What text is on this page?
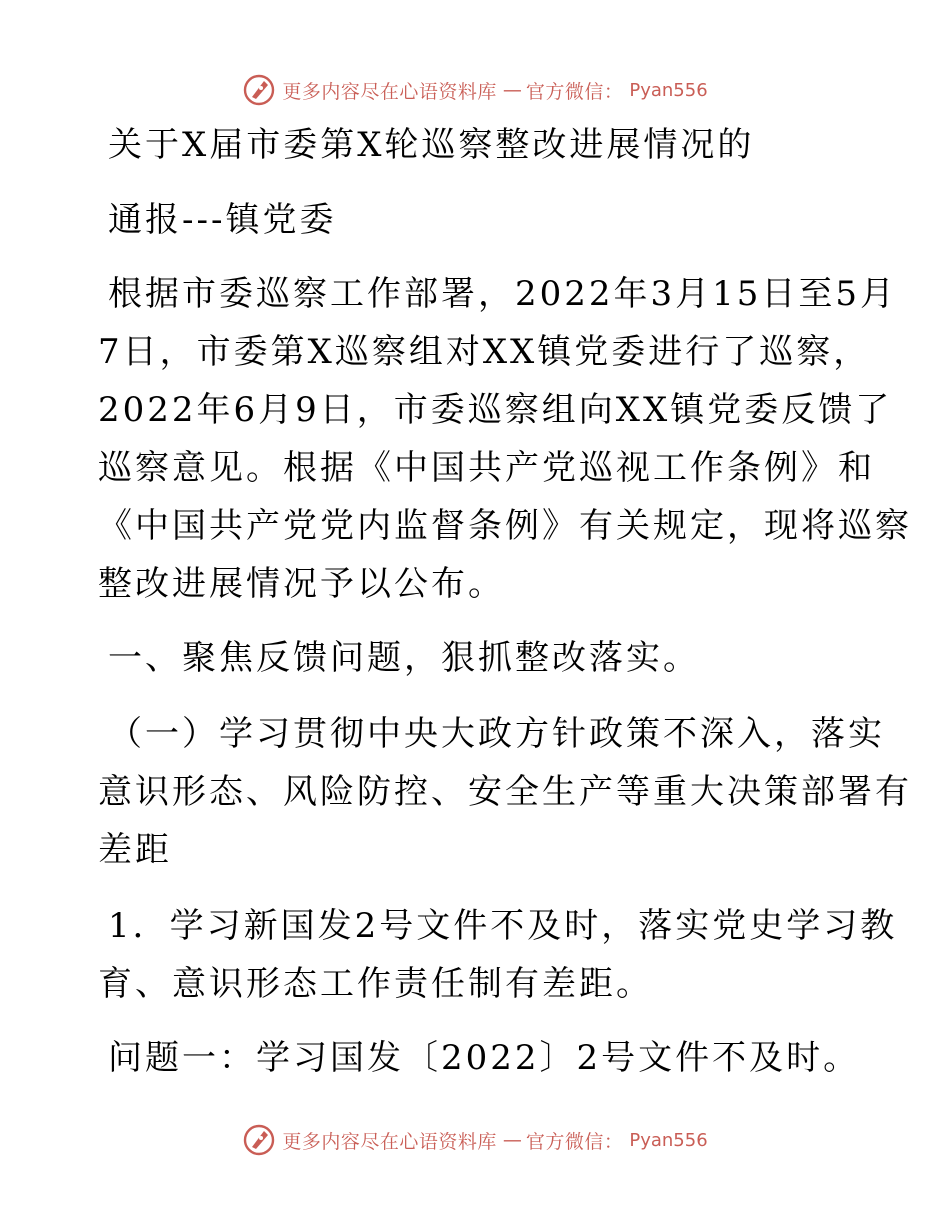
更多内容尽在心语资料库 — 官方微信： Pyan556
关于X届市委第X轮巡察整改进展情况的
通报---镇党委
根据市委巡察工作部署，2022年3月15日至5月
7日，市委第X巡察组对XX镇党委进行了巡察，
2022年6月9日，市委巡察组向XX镇党委反馈了
巡察意见。根据《中国共产党巡视工作条例》和
《中国共产党党内监督条例》有关规定，现将巡察
整改进展情况予以公布。
一、聚焦反馈问题，狠抓整改落实。
（一）学习贯彻中央大政方针政策不深入，落实
意识形态、风险防控、安全生产等重大决策部署有
差距
1．学习新国发2号文件不及时，落实党史学习教
育、意识形态工作责任制有差距。
问题一：学习国发〔2022〕2号文件不及时。
更多内容尽在心语资料库 — 官方微信： Pyan556
